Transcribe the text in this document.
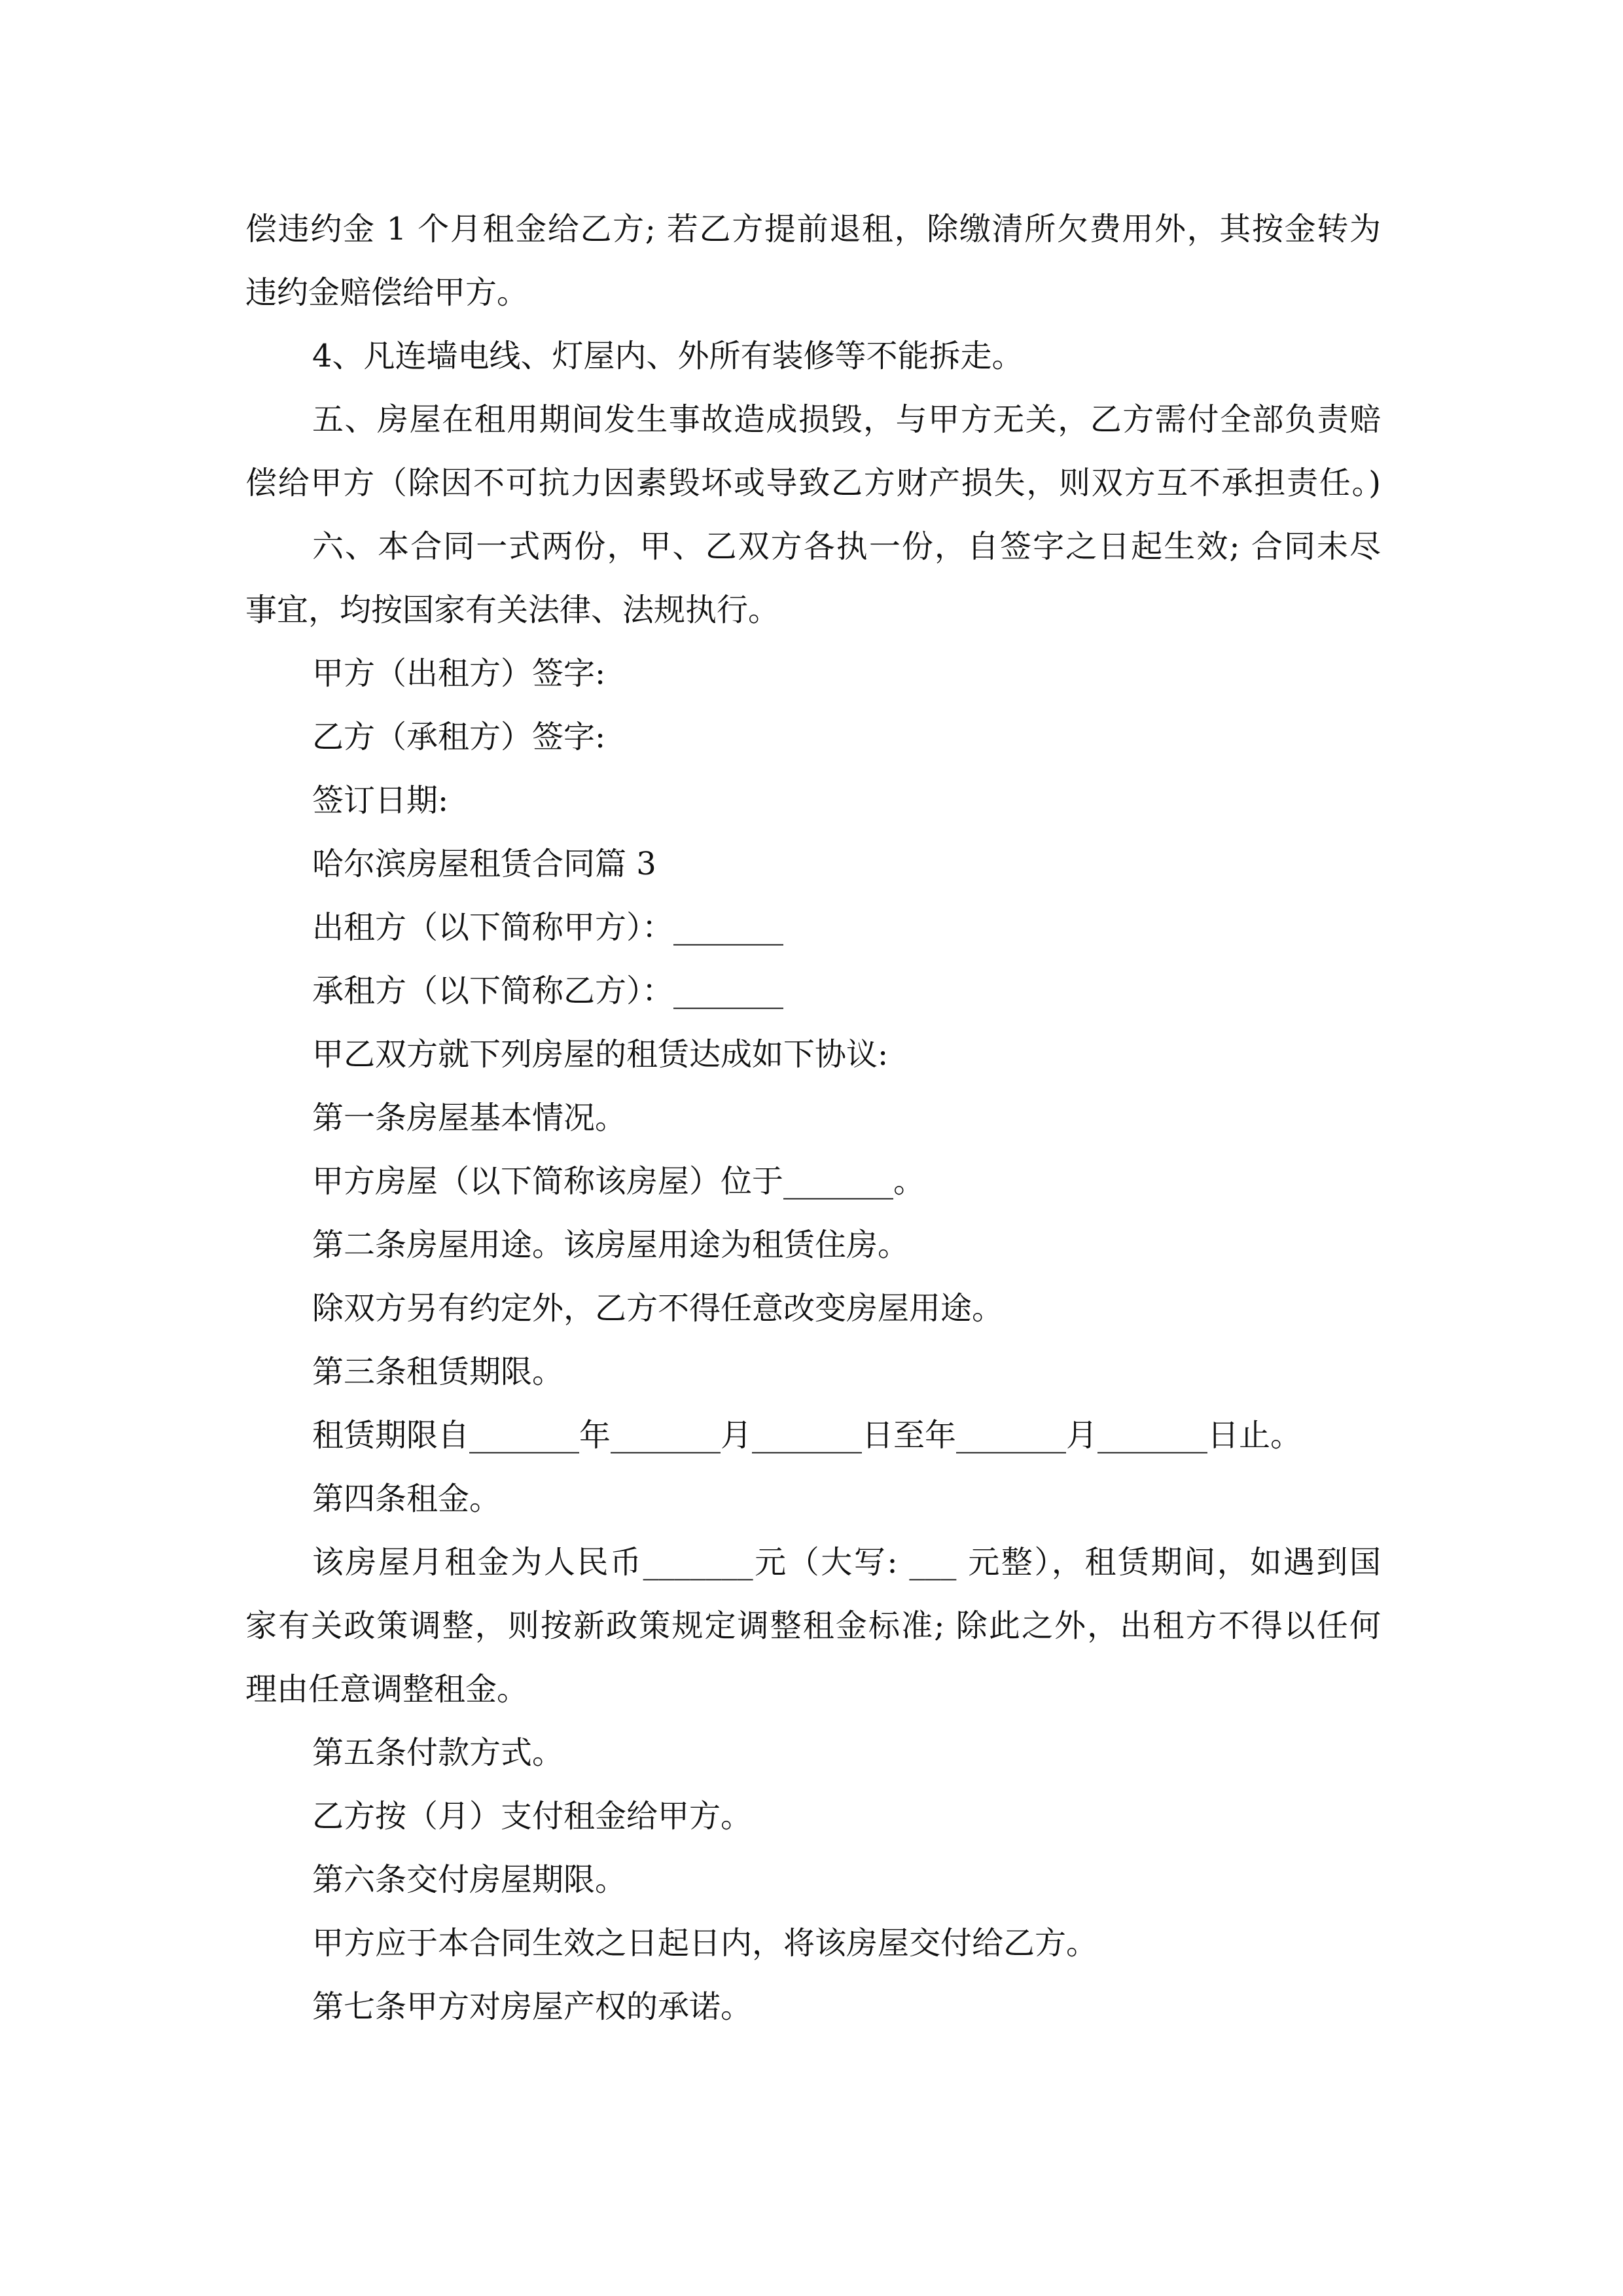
偿违约金 1 个月租金给乙方; 若乙方提前退租，除缴清所欠费用外，其按金转为

违约金赔偿给甲方。

4、凡连墙电线、灯屋内、外所有装修等不能拆走。

五、房屋在租用期间发生事故造成损毁，与甲方无关，乙方需付全部负责赔

偿给甲方（除因不可抗力因素毁坏或导致乙方财产损失，则双方互不承担责任。)

六、本合同一式两份，甲、乙双方各执一份，自签字之日起生效; 合同未尽

事宜，均按国家有关法律、法规执行。

甲方（出租方）签字:

乙方（承租方）签字:

签订日期:

哈尔滨房屋租赁合同篇 3

出租方（以下简称甲方）：_______

承租方（以下简称乙方）：_______

甲乙双方就下列房屋的租赁达成如下协议:

第一条房屋基本情况。

甲方房屋（以下简称该房屋）位于_______。

第二条房屋用途。该房屋用途为租赁住房。

除双方另有约定外，乙方不得任意改变房屋用途。

第三条租赁期限。

租赁期限自_______年_______月_______日至年_______月_______日止。

第四条租金。

该房屋月租金为人民币_______元（大写: ___ 元整），租赁期间，如遇到国

家有关政策调整，则按新政策规定调整租金标准; 除此之外，出租方不得以任何

理由任意调整租金。

第五条付款方式。

乙方按（月）支付租金给甲方。

第六条交付房屋期限。

甲方应于本合同生效之日起日内，将该房屋交付给乙方。

第七条甲方对房屋产权的承诺。
